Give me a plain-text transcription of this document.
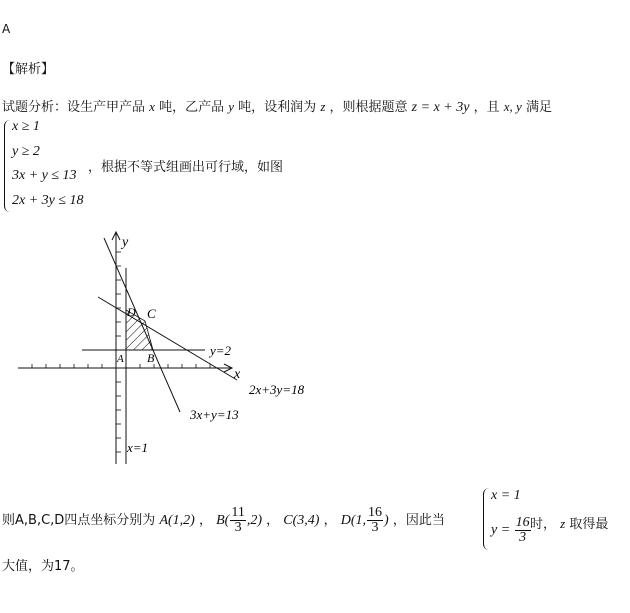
A
【解析】
试题分析：设生产甲产品 x 吨，乙产品 y 吨，设利润为 z ，则根据题意 z = x + 3y ，且 x, y 满足
x ≥ 1
y ≥ 2
3x + y ≤ 13
2x + 3y ≤ 18
，根据不等式组画出可行域，如图
y
x
A B
C
D
y=2
2x+3y=18
3x+y=13
x=1
则A,B,C,D四点坐标分别为 A(1,2) ， $B( \frac{11}{3} ,2)$ ， C(3,4) ， D(1, $\frac{16}{3}$ ) ，因此当
x = 1
$y = \frac{16}{3}$ 时， z 取得最
大值，为17。
